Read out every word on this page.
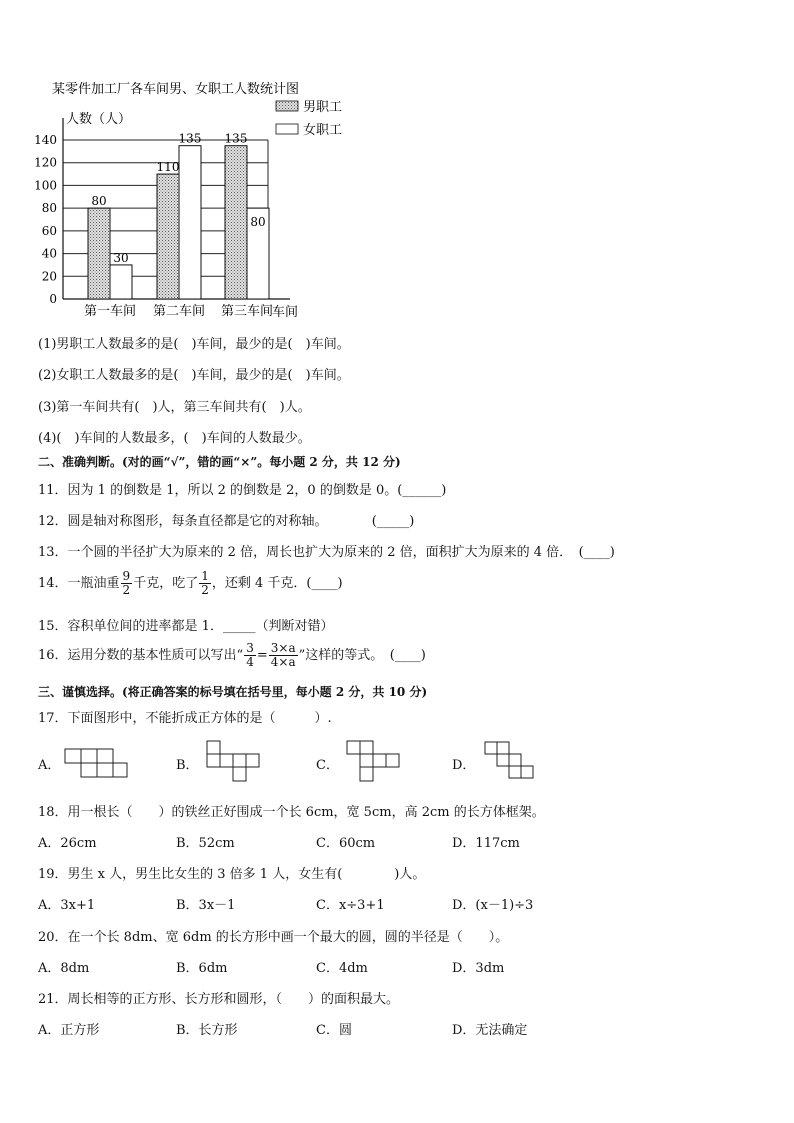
某零件加工厂各车间男、女职工人数统计图
人数（人）
车间
男职工
女职工
0
20
40
60
80
100
120
140
80
30
第一车间
110
135
第二车间
135
80
第三车间
(1)男职工人数最多的是(　)车间，最少的是(　)车间。
(2)女职工人数最多的是(　)车间，最少的是(　)车间。
(3)第一车间共有(　)人，第三车间共有(　)人。
(4)(　)车间的人数最多，(　)车间的人数最少。
二、准确判断。(对的画“√”，错的画“×”。每小题 2 分，共 12 分)
11．因为 1 的倒数是 1，所以 2 的倒数是 2，0 的倒数是 0。(______)
12．圆是轴对称图形，每条直径都是它的对称轴。	(_____)
13．一个圆的半径扩大为原来的 2 倍，周长也扩大为原来的 2 倍，面积扩大为原来的 4 倍．　(____)
14．一瓶油重 $\frac{9}{2}$ 千克，吃了 $\frac{1}{2}$ ，还剩 4 千克．(____)
15．容积单位间的进率都是 1．_____（判断对错）
16．运用分数的基本性质可以写出“ $\frac{3}{4} = \frac{3\times a}{4\times a}$ ”这样的等式。　(____)
三、谨慎选择。(将正确答案的标号填在括号里，每小题 2 分，共 10 分)
17．下面图形中，不能折成正方体的是（　　　）.
A．	B．	C．	D．
18．用一根长（　　）的铁丝正好围成一个长 6cm，宽 5cm，高 2cm 的长方体框架。
A．26cm	B．52cm	C．60cm	D．117cm
19．男生 x 人，男生比女生的 3 倍多 1 人，女生有(　　　　)人。
A．3x+1	B．3x－1	C．x÷3+1	D．(x－1)÷3
20．在一个长 8dm、宽 6dm 的长方形中画一个最大的圆，圆的半径是（　　）。
A．8dm	B．6dm	C．4dm	D．3dm
21．周长相等的正方形、长方形和圆形，（　　）的面积最大。
A．正方形	B．长方形	C．圆	D．无法确定
